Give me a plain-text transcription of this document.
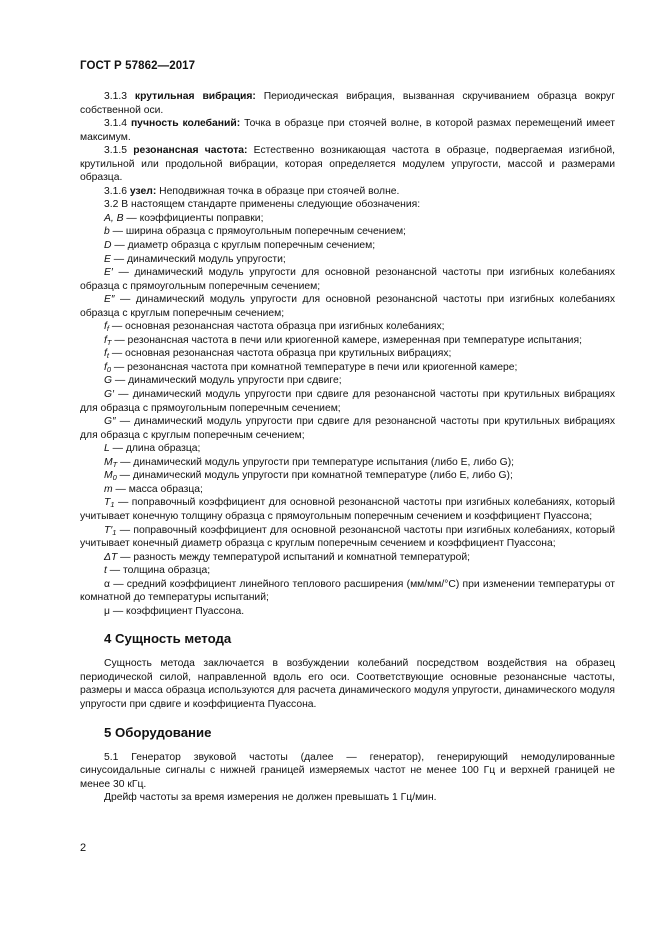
ГОСТ Р 57862—2017

3.1.3 крутильная вибрация: Периодическая вибрация, вызванная скручиванием образца вокруг собственной оси.

3.1.4 пучность колебаний: Точка в образце при стоячей волне, в которой размах перемещений имеет максимум.

3.1.5 резонансная частота: Естественно возникающая частота в образце, подвергаемая изгибной, крутильной или продольной вибрации, которая определяется модулем упругости, массой и размерами образца.

3.1.6 узел: Неподвижная точка в образце при стоячей волне.

3.2 В настоящем стандарте применены следующие обозначения:

A, B — коэффициенты поправки;

b — ширина образца с прямоугольным поперечным сечением;

D — диаметр образца с круглым поперечным сечением;

E — динамический модуль упругости;

E′ — динамический модуль упругости для основной резонансной частоты при изгибных колебаниях образца с прямоугольным поперечным сечением;

E″ — динамический модуль упругости для основной резонансной частоты при изгибных колебаниях образца с круглым поперечным сечением;

$f_f$ — основная резонансная частота образца при изгибных колебаниях;

$f_T$ — резонансная частота в печи или криогенной камере, измеренная при температуре испытания;

$f_t$ — основная резонансная частота образца при крутильных вибрациях;

$f_0$ — резонансная частота при комнатной температуре в печи или криогенной камере;

G — динамический модуль упругости при сдвиге;

G′ — динамический модуль упругости при сдвиге для резонансной частоты при крутильных вибрациях для образца с прямоугольным поперечным сечением;

G″ — динамический модуль упругости при сдвиге для резонансной частоты при крутильных вибрациях для образца с круглым поперечным сечением;

L — длина образца;

$M_T$ — динамический модуль упругости при температуре испытания (либо E, либо G);

$M_0$ — динамический модуль упругости при комнатной температуре (либо E, либо G);

m — масса образца;

$T_1$ — поправочный коэффициент для основной резонансной частоты при изгибных колебаниях, который учитывает конечную толщину образца с прямоугольным поперечным сечением и коэффициент Пуассона;

$T'_1$ — поправочный коэффициент для основной резонансной частоты при изгибных колебаниях, который учитывает конечный диаметр образца с круглым поперечным сечением и коэффициент Пуассона;

ΔT — разность между температурой испытаний и комнатной температурой;

t — толщина образца;

α — средний коэффициент линейного теплового расширения (мм/мм/°С) при изменении температуры от комнатной до температуры испытаний;

μ — коэффициент Пуассона.

4 Сущность метода

Сущность метода заключается в возбуждении колебаний посредством воздействия на образец периодической силой, направленной вдоль его оси. Соответствующие основные резонансные частоты, размеры и масса образца используются для расчета динамического модуля упругости, динамического модуля упругости при сдвиге и коэффициента Пуассона.

5 Оборудование

5.1 Генератор звуковой частоты (далее — генератор), генерирующий немодулированные синусоидальные сигналы с нижней границей измеряемых частот не менее 100 Гц и верхней границей не менее 30 кГц.

Дрейф частоты за время измерения не должен превышать 1 Гц/мин.

2
